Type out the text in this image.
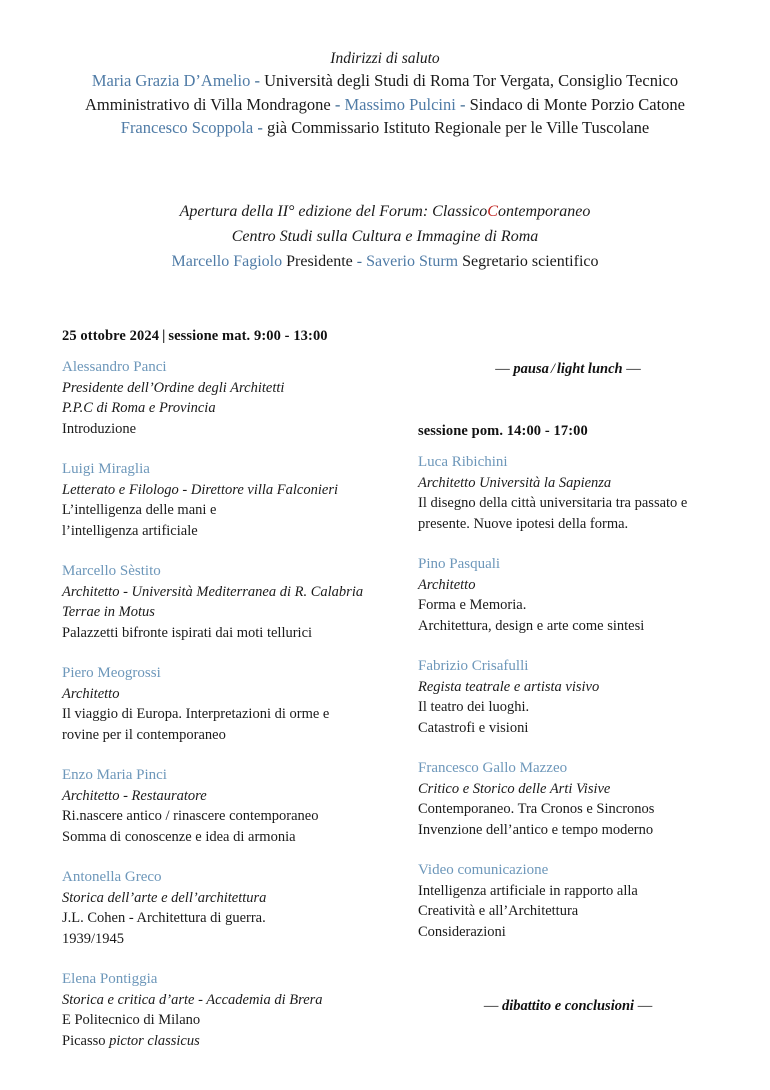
Indirizzi di saluto
Maria Grazia D’Amelio - Università degli Studi di Roma Tor Vergata, Consiglio Tecnico
Amministrativo di Villa Mondragone - Massimo Pulcini - Sindaco di Monte Porzio Catone
Francesco Scoppola - già Commissario Istituto Regionale per le Ville Tuscolane
Apertura della II° edizione del Forum: ClassicoContemporaneo
Centro Studi sulla Cultura e Immagine di Roma
Marcello Fagiolo Presidente - Saverio Sturm Segretario scientifico
25 ottobre 2024 | sessione mat. 9:00 - 13:00
sessione pom. 14:00 - 17:00
— pausa / light lunch —
Alessandro Panci
Presidente dell’Ordine degli Architetti
P.P.C di Roma e Provincia
Introduzione
Luigi Miraglia
Letterato e Filologo - Direttore villa Falconieri
L’intelligenza delle mani e
l’intelligenza artificiale
Marcello Sèstito
Architetto - Università Mediterranea di R. Calabria
Terrae in Motus
Palazzetti bifronte ispirati dai moti tellurici
Piero Meogrossi
Architetto
Il viaggio di Europa. Interpretazioni di orme e
rovine per il contemporaneo
Enzo Maria Pinci
Architetto - Restauratore
Ri.nascere antico / rinascere contemporaneo
Somma di conoscenze e idea di armonia
Antonella Greco
Storica dell’arte e dell’architettura
J.L. Cohen - Architettura di guerra.
1939/1945
Elena Pontiggia
Storica e critica d’arte - Accademia di Brera
E Politecnico di Milano
Picasso pictor classicus
Luca Ribichini
Architetto Università la Sapienza
Il disegno della città universitaria tra passato e
presente. Nuove ipotesi della forma.
Pino Pasquali
Architetto
Forma e Memoria.
Architettura, design e arte come sintesi
Fabrizio Crisafulli
Regista teatrale e artista visivo
Il teatro dei luoghi.
Catastrofi e visioni
Francesco Gallo Mazzeo
Critico e Storico delle Arti Visive
Contemporaneo. Tra Cronos e Sincronos
Invenzione dell’antico e tempo moderno
Video comunicazione
Intelligenza artificiale in rapporto alla
Creatività e all’Architettura
Considerazioni
— dibattito e conclusioni —
